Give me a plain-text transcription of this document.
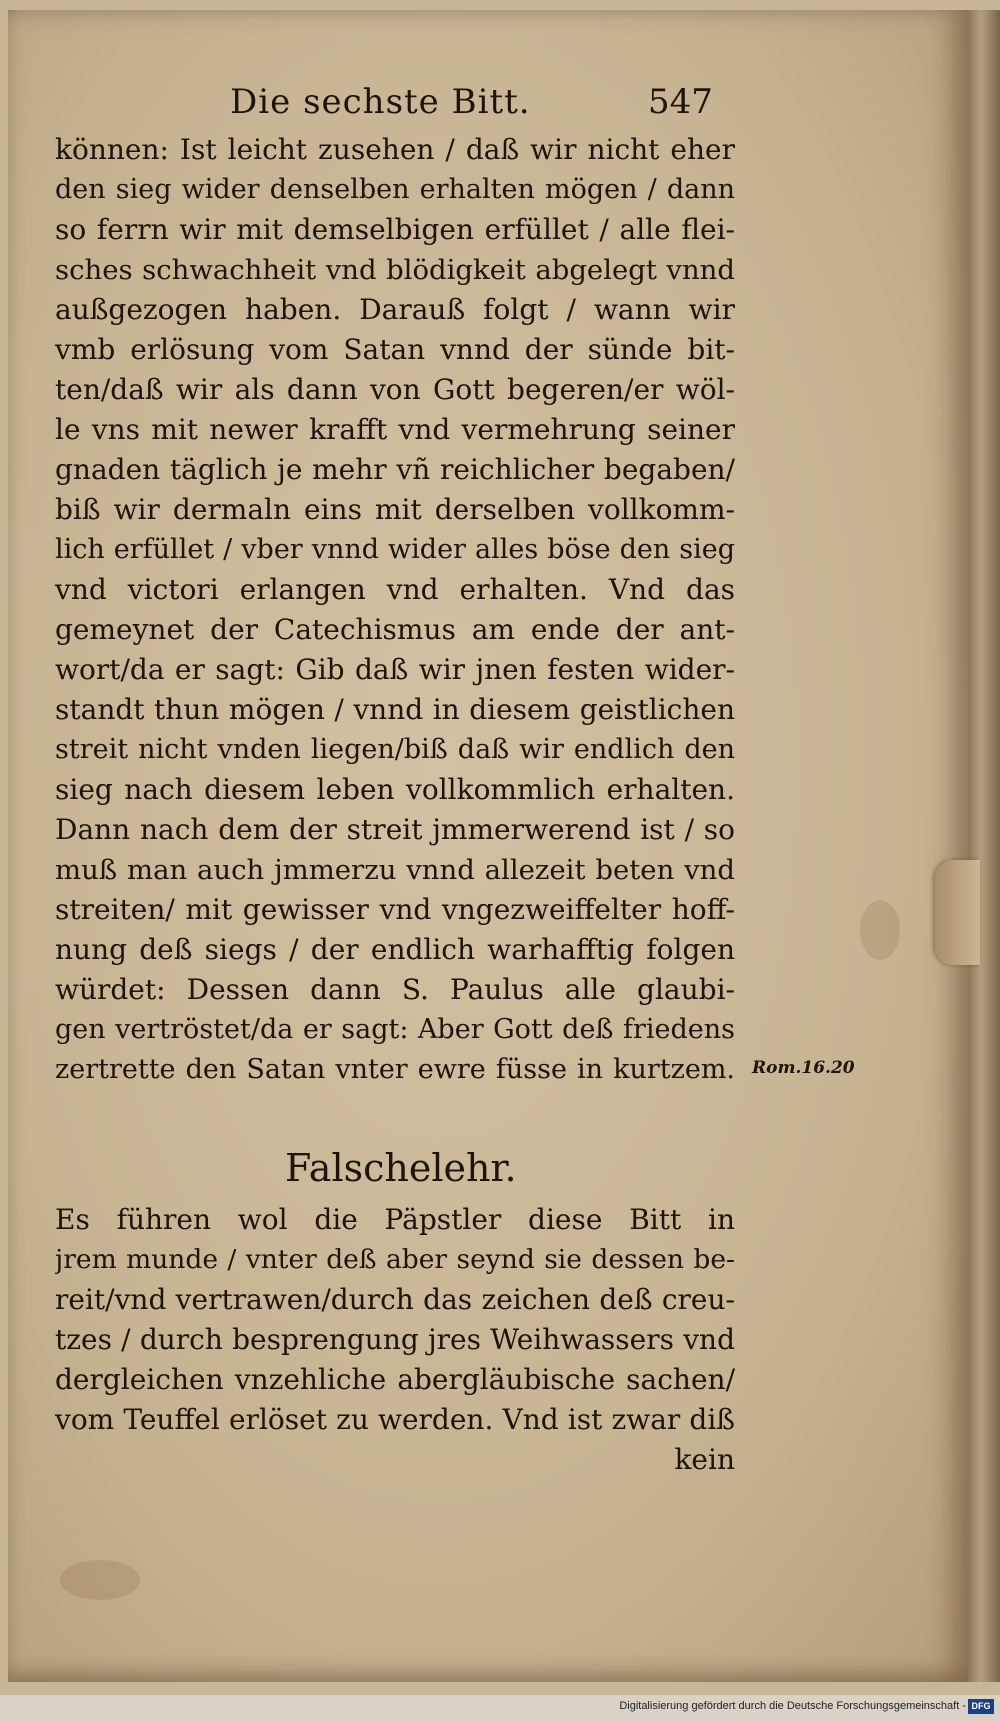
Die sechste Bitt.	547
können: Ist leicht zusehen / daß wir nicht eher
den sieg wider denselben erhalten mögen / dann
so ferrn wir mit demselbigen erfüllet / alle flei-
sches schwachheit vnd blödigkeit abgelegt vnnd
außgezogen haben. Darauß folgt / wann wir
vmb erlösung vom Satan vnnd der sünde bit-
ten/daß wir als dann von Gott begeren/er wöl-
le vns mit newer krafft vnd vermehrung seiner
gnaden täglich je mehr vñ reichlicher begaben/
biß wir dermaln eins mit derselben vollkomm-
lich erfüllet / vber vnnd wider alles böse den sieg
vnd victori erlangen vnd erhalten. Vnd das
gemeynet der Catechismus am ende der ant-
wort/da er sagt: Gib daß wir jnen festen wider-
standt thun mögen / vnnd in diesem geistlichen
streit nicht vnden liegen/biß daß wir endlich den
sieg nach diesem leben vollkommlich erhalten.
Dann nach dem der streit jmmerwerend ist / so
muß man auch jmmerzu vnnd allezeit beten vnd
streiten/ mit gewisser vnd vngezweiffelter hoff-
nung deß siegs / der endlich warhafftig folgen
würdet: Dessen dann S. Paulus alle glaubi-
gen vertröstet/da er sagt: Aber Gott deß friedens
zertrette den Satan vnter ewre füsse in kurtzem. Rom.16.20
Falschelehr.
Es führen wol die Päpstler diese Bitt in
jrem munde / vnter deß aber seynd sie dessen be-
reit/vnd vertrawen/durch das zeichen deß creu-
tzes / durch besprengung jres Weihwassers vnd
dergleichen vnzehliche abergläubische sachen/
vom Teuffel erlöset zu werden. Vnd ist zwar diß
kein
Digitalisierung gefördert durch die Deutsche Forschungsgemeinschaft - DFG
